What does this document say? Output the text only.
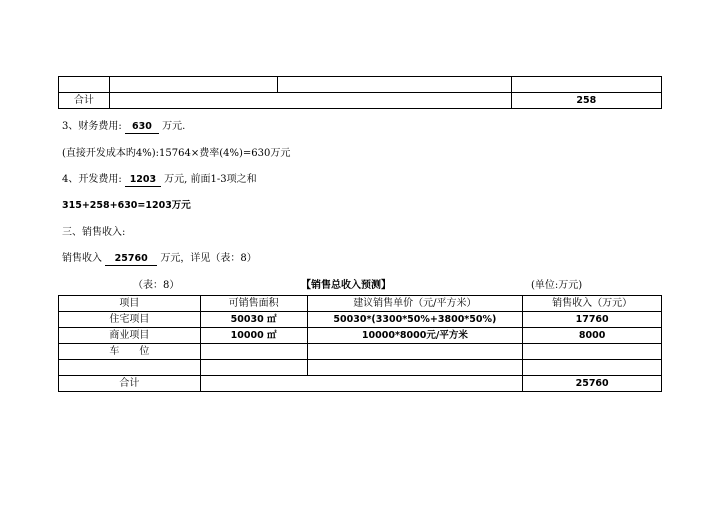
合计			258
3、财务费用: 630 万元.
(直接开发成本旳4%):15764×费率(4%)=630万元
4、开发费用: 1203 万元, 前面1-3项之和
315+258+630=1203万元
三、销售收入:
销售收入 25760 万元，详见（表：8）
（表：8）	【销售总收入预测】	(单位:万元)
项目	可销售面积	建议销售单价（元/平方米）	销售收入（万元）
住宅项目	50030 ㎡	50030*(3300*50%+3800*50%)	17760
商业项目	10000 ㎡	10000*8000元/平方米	8000
车　　位			

合计			25760
